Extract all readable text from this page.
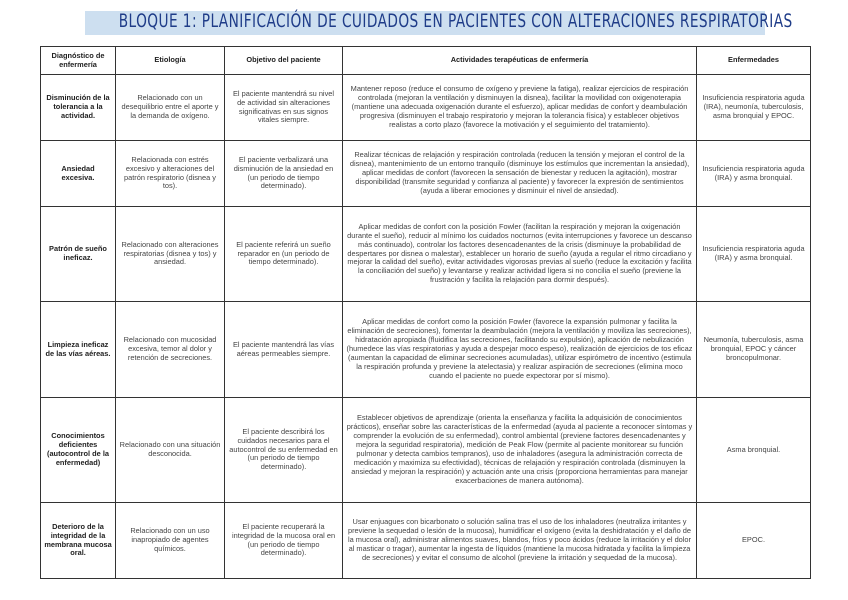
BLOQUE 1: PLANIFICACIÓN DE CUIDADOS EN PACIENTES CON ALTERACIONES RESPIRATORIAS
Diagnóstico de enfermería	Etiología	Objetivo del paciente	Actividades terapéuticas de enfermería	Enfermedades
Disminución de la tolerancia a la actividad.	Relacionado con un desequilibrio entre el aporte y la demanda de oxígeno.	El paciente mantendrá su nivel de actividad sin alteraciones significativas en sus signos vitales siempre.	Mantener reposo (reduce el consumo de oxígeno y previene la fatiga), realizar ejercicios de respiración controlada (mejoran la ventilación y disminuyen la disnea), facilitar la movilidad con oxigenoterapia (mantiene una adecuada oxigenación durante el esfuerzo), aplicar medidas de confort y deambulación progresiva (disminuyen el trabajo respiratorio y mejoran la tolerancia física) y establecer objetivos realistas a corto plazo (favorece la motivación y el seguimiento del tratamiento).	Insuficiencia respiratoria aguda (IRA), neumonía, tuberculosis, asma bronquial y EPOC.
Ansiedad excesiva.	Relacionada con estrés excesivo y alteraciones del patrón respiratorio (disnea y tos).	El paciente verbalizará una disminución de la ansiedad en (un periodo de tiempo determinado).	Realizar técnicas de relajación y respiración controlada (reducen la tensión y mejoran el control de la disnea), mantenimiento de un entorno tranquilo (disminuye los estímulos que incrementan la ansiedad), aplicar medidas de confort (favorecen la sensación de bienestar y reducen la agitación), mostrar disponibilidad (transmite seguridad y confianza al paciente) y favorecer la expresión de sentimientos (ayuda a liberar emociones y disminuir el nivel de ansiedad).	Insuficiencia respiratoria aguda (IRA) y asma bronquial.
Patrón de sueño ineficaz.	Relacionado con alteraciones respiratorias (disnea y tos) y ansiedad.	El paciente referirá un sueño reparador en (un periodo de tiempo determinado).	Aplicar medidas de confort con la posición Fowler (facilitan la respiración y mejoran la oxigenación durante el sueño), reducir al mínimo los cuidados nocturnos (evita interrupciones y favorece un descanso más continuado), controlar los factores desencadenantes de la crisis (disminuye la probabilidad de despertares por disnea o malestar), establecer un horario de sueño (ayuda a regular el ritmo circadiano y mejorar la calidad del sueño), evitar actividades vigorosas previas al sueño (reduce la excitación y facilita la conciliación del sueño) y levantarse y realizar actividad ligera si no concilia el sueño (previene la frustración y facilita la relajación para dormir después).	Insuficiencia respiratoria aguda (IRA) y asma bronquial.
Limpieza ineficaz de las vías aéreas.	Relacionado con mucosidad excesiva, temor al dolor y retención de secreciones.	El paciente mantendrá las vías aéreas permeables siempre.	Aplicar medidas de confort como la posición Fowler (favorece la expansión pulmonar y facilita la eliminación de secreciones), fomentar la deambulación (mejora la ventilación y moviliza las secreciones), hidratación apropiada (fluidifica las secreciones, facilitando su expulsión), aplicación de nebulización (humedece las vías respiratorias y ayuda a despejar moco espeso), realización de ejercicios de tos eficaz (aumentan la capacidad de eliminar secreciones acumuladas), utilizar espirómetro de incentivo (estimula la respiración profunda y previene la atelectasia) y realizar aspiración de secreciones (elimina moco cuando el paciente no puede expectorar por sí mismo).	Neumonía, tuberculosis, asma bronquial, EPOC y cáncer broncopulmonar.
Conocimientos deficientes (autocontrol de la enfermedad)	Relacionado con una situación desconocida.	El paciente describirá los cuidados necesarios para el autocontrol de su enfermedad en (un periodo de tiempo determinado).	Establecer objetivos de aprendizaje (orienta la enseñanza y facilita la adquisición de conocimientos prácticos), enseñar sobre las características de la enfermedad (ayuda al paciente a reconocer síntomas y comprender la evolución de su enfermedad), control ambiental (previene factores desencadenantes y mejora la seguridad respiratoria), medición de Peak Flow (permite al paciente monitorear su función pulmonar y detecta cambios tempranos), uso de inhaladores (asegura la administración correcta de medicación y maximiza su efectividad), técnicas de relajación y respiración controlada (disminuyen la ansiedad y mejoran la respiración) y actuación ante una crisis (proporciona herramientas para manejar exacerbaciones de manera autónoma).	Asma bronquial.
Deterioro de la integridad de la membrana mucosa oral.	Relacionado con un uso inapropiado de agentes químicos.	El paciente recuperará la integridad de la mucosa oral en (un periodo de tiempo determinado).	Usar enjuagues con bicarbonato o solución salina tras el uso de los inhaladores (neutraliza irritantes y previene la sequedad o lesión de la mucosa), humidificar el oxígeno (evita la deshidratación y el daño de la mucosa oral), administrar alimentos suaves, blandos, fríos y poco ácidos (reduce la irritación y el dolor al masticar o tragar), aumentar la ingesta de líquidos (mantiene la mucosa hidratada y facilita la limpieza de secreciones) y evitar el consumo de alcohol (previene la irritación y sequedad de la mucosa).	EPOC.
